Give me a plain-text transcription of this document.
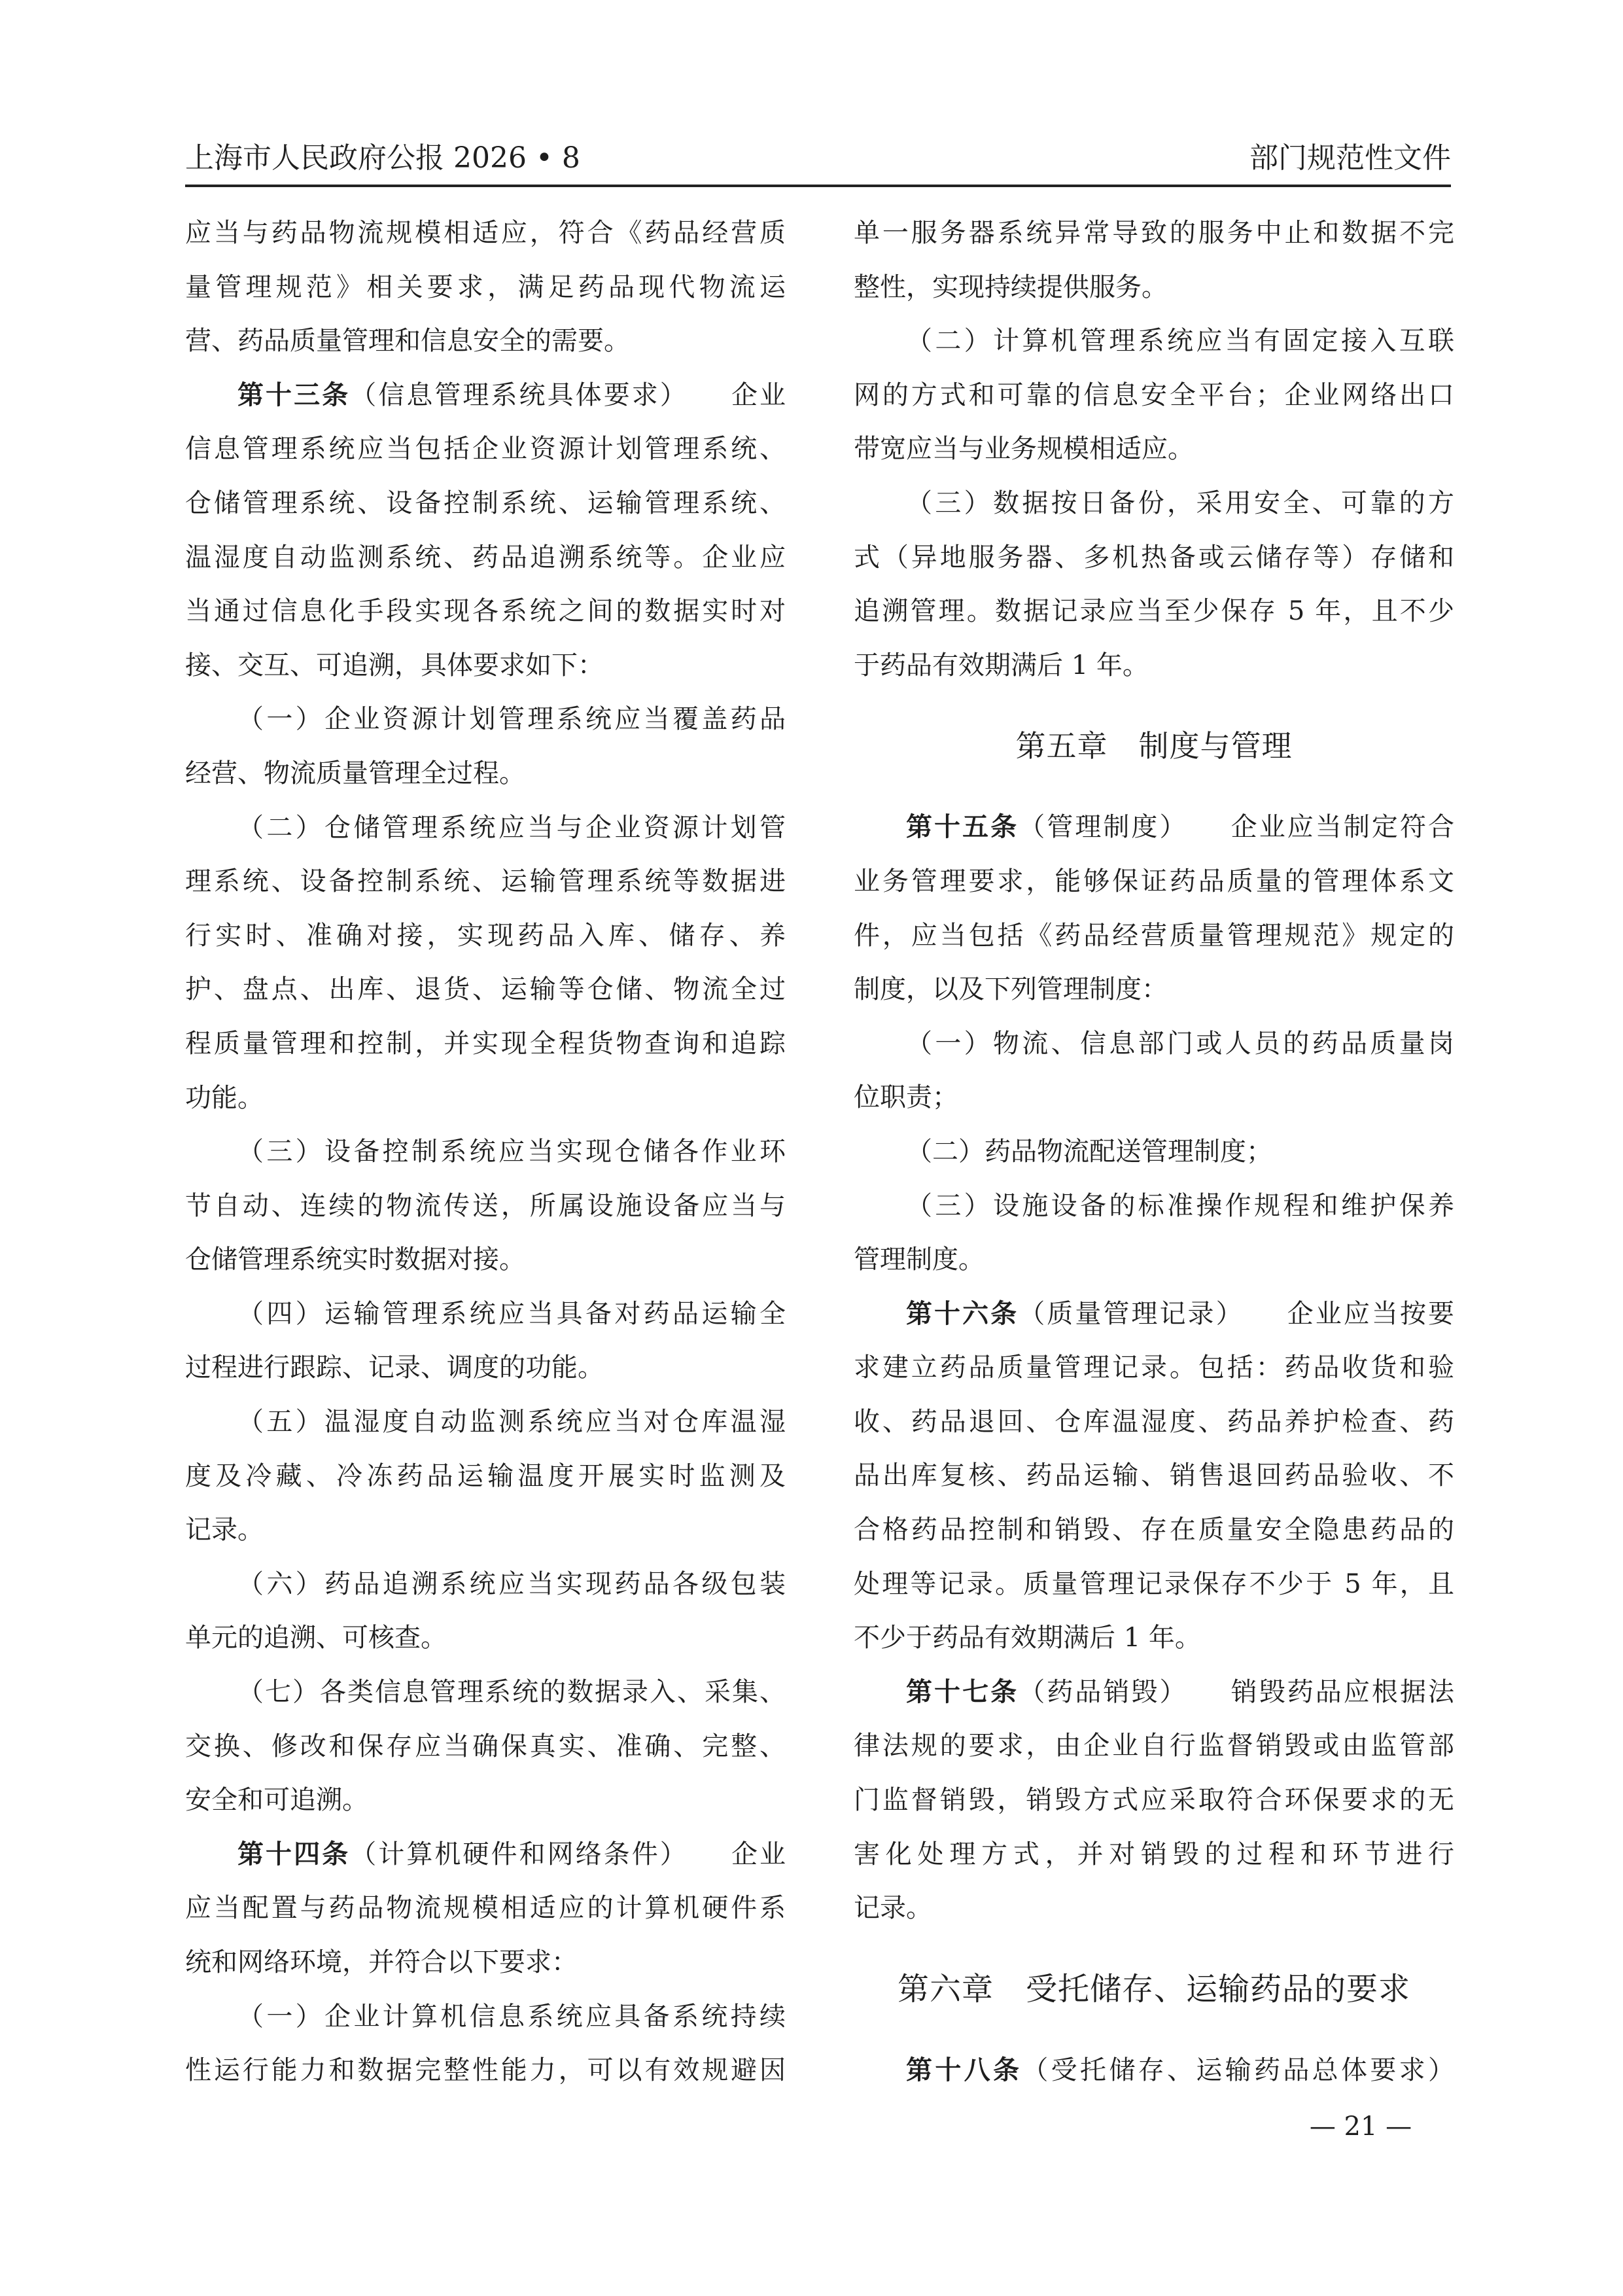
上海市人民政府公报 2026 • 8	部门规范性文件
应当与药品物流规模相适应，符合《药品经营质
量管理规范》相关要求，满足药品现代物流运
营、药品质量管理和信息安全的需要。
第十三条（信息管理系统具体要求）　　企业
信息管理系统应当包括企业资源计划管理系统、
仓储管理系统、设备控制系统、运输管理系统、
温湿度自动监测系统、药品追溯系统等。企业应
当通过信息化手段实现各系统之间的数据实时对
接、交互、可追溯，具体要求如下：
（一）企业资源计划管理系统应当覆盖药品
经营、物流质量管理全过程。
（二）仓储管理系统应当与企业资源计划管
理系统、设备控制系统、运输管理系统等数据进
行实时、准确对接，实现药品入库、储存、养
护、盘点、出库、退货、运输等仓储、物流全过
程质量管理和控制，并实现全程货物查询和追踪
功能。
（三）设备控制系统应当实现仓储各作业环
节自动、连续的物流传送，所属设施设备应当与
仓储管理系统实时数据对接。
（四）运输管理系统应当具备对药品运输全
过程进行跟踪、记录、调度的功能。
（五）温湿度自动监测系统应当对仓库温湿
度及冷藏、冷冻药品运输温度开展实时监测及
记录。
（六）药品追溯系统应当实现药品各级包装
单元的追溯、可核查。
（七）各类信息管理系统的数据录入、采集、
交换、修改和保存应当确保真实、准确、完整、
安全和可追溯。
第十四条（计算机硬件和网络条件）　　企业
应当配置与药品物流规模相适应的计算机硬件系
统和网络环境，并符合以下要求：
（一）企业计算机信息系统应具备系统持续
性运行能力和数据完整性能力，可以有效规避因
单一服务器系统异常导致的服务中止和数据不完
整性，实现持续提供服务。
（二）计算机管理系统应当有固定接入互联
网的方式和可靠的信息安全平台；企业网络出口
带宽应当与业务规模相适应。
（三）数据按日备份，采用安全、可靠的方
式（异地服务器、多机热备或云储存等）存储和
追溯管理。数据记录应当至少保存 5 年，且不少
于药品有效期满后 1 年。
第五章　制度与管理
第十五条（管理制度）　　企业应当制定符合
业务管理要求，能够保证药品质量的管理体系文
件，应当包括《药品经营质量管理规范》规定的
制度，以及下列管理制度：
（一）物流、信息部门或人员的药品质量岗
位职责；
（二）药品物流配送管理制度；
（三）设施设备的标准操作规程和维护保养
管理制度。
第十六条（质量管理记录）　　企业应当按要
求建立药品质量管理记录。包括：药品收货和验
收、药品退回、仓库温湿度、药品养护检查、药
品出库复核、药品运输、销售退回药品验收、不
合格药品控制和销毁、存在质量安全隐患药品的
处理等记录。质量管理记录保存不少于 5 年，且
不少于药品有效期满后 1 年。
第十七条（药品销毁）　　销毁药品应根据法
律法规的要求，由企业自行监督销毁或由监管部
门监督销毁，销毁方式应采取符合环保要求的无
害化处理方式，并对销毁的过程和环节进行
记录。
第六章　受托储存、运输药品的要求
第十八条（受托储存、运输药品总体要求）
— 21 —
